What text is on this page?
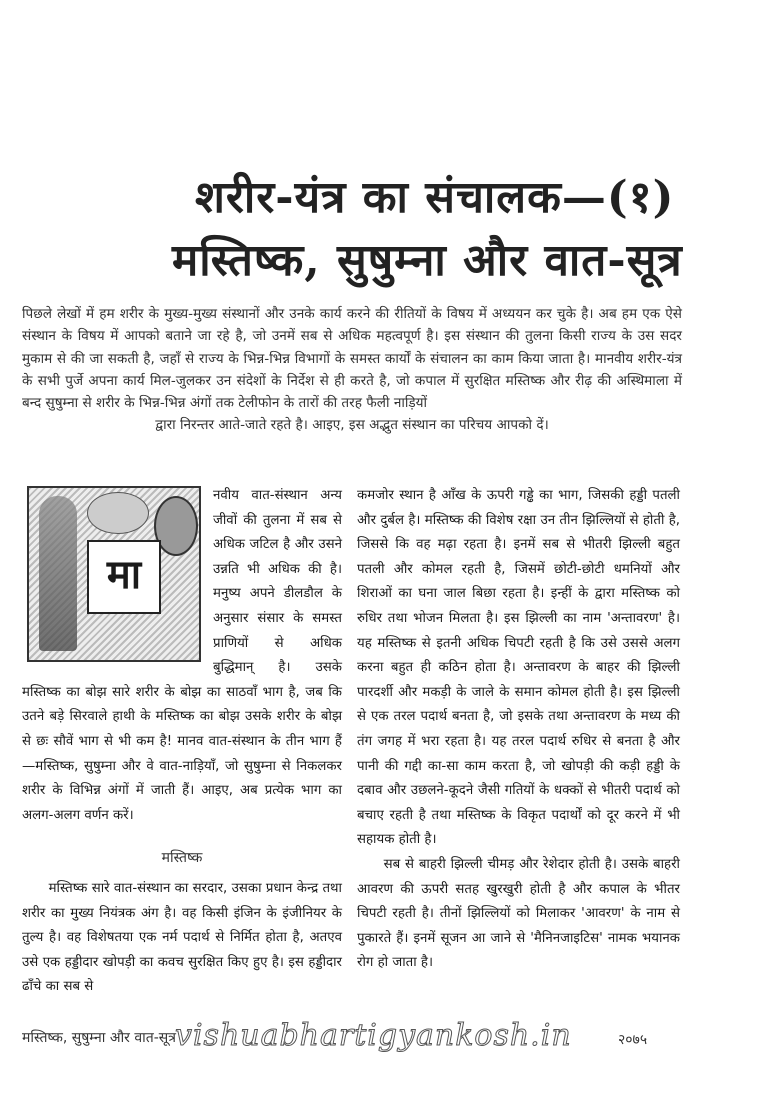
शरीर-यंत्र का संचालक—(१)
मस्तिष्क, सुषुम्ना और वात-सूत्र
पिछले लेखों में हम शरीर के मुख्य-मुख्य संस्थानों और उनके कार्य करने की रीतियों के विषय में अध्ययन कर चुके है। अब हम एक ऐसे संस्थान के विषय में आपको बताने जा रहे है, जो उनमें सब से अधिक महत्वपूर्ण है। इस संस्थान की तुलना किसी राज्य के उस सदर मुकाम से की जा सकती है, जहाँ से राज्य के भिन्न-भिन्न विभागों के समस्त कार्यों के संचालन का काम किया जाता है। मानवीय शरीर-यंत्र के सभी पुर्जे अपना कार्य मिल-जुलकर उन संदेशों के निर्देश से ही करते है, जो कपाल में सुरक्षित मस्तिष्क और रीढ़ की अस्थिमाला में बन्द सुषुम्ना से शरीर के भिन्न-भिन्न अंगों तक टेलीफोन के तारों की तरह फैली नाड़ियों
द्वारा निरन्तर आते-जाते रहते है। आइए, इस अद्भुत संस्थान का परिचय आपको दें।
मा

नवीय वात-संस्थान अन्य जीवों की तुलना में सब से अधिक जटिल है और उसने उन्नति भी अधिक की है। मनुष्य अपने डीलडौल के अनुसार संसार के समस्त प्राणियों से अधिक बुद्धिमान् है। उसके मस्तिष्क का बोझ सारे शरीर के बोझ का साठवाँ भाग है, जब कि उतने बड़े सिरवाले हाथी के मस्तिष्क का बोझ उसके शरीर के बोझ से छः सौवें भाग से भी कम है! मानव वात-संस्थान के तीन भाग हैं—मस्तिष्क, सुषुम्ना और वे वात-नाड़ियाँ, जो सुषुम्ना से निकलकर शरीर के विभिन्न अंगों में जाती हैं। आइए, अब प्रत्येक भाग का अलग-अलग वर्णन करें।

मस्तिष्क

मस्तिष्क सारे वात-संस्थान का सरदार, उसका प्रधान केन्द्र तथा शरीर का मुख्य नियंत्रक अंग है। वह किसी इंजिन के इंजीनियर के तुल्य है। वह विशेषतया एक नर्म पदार्थ से निर्मित होता है, अतएव उसे एक हड्डीदार खोपड़ी का कवच सुरक्षित किए हुए है। इस हड्डीदार ढाँचे का सब से

कमजोर स्थान है आँख के ऊपरी गड्ढे का भाग, जिसकी हड्डी पतली और दुर्बल है। मस्तिष्क की विशेष रक्षा उन तीन झिल्लियों से होती है, जिससे कि वह मढ़ा रहता है। इनमें सब से भीतरी झिल्ली बहुत पतली और कोमल रहती है, जिसमें छोटी-छोटी धमनियों और शिराओं का घना जाल बिछा रहता है। इन्हीं के द्वारा मस्तिष्क को रुधिर तथा भोजन मिलता है। इस झिल्ली का नाम 'अन्तावरण' है। यह मस्तिष्क से इतनी अधिक चिपटी रहती है कि उसे उससे अलग करना बहुत ही कठिन होता है। अन्तावरण के बाहर की झिल्ली पारदर्शी और मकड़ी के जाले के समान कोमल होती है। इस झिल्ली से एक तरल पदार्थ बनता है, जो इसके तथा अन्तावरण के मध्य की तंग जगह में भरा रहता है। यह तरल पदार्थ रुधिर से बनता है और पानी की गद्दी का-सा काम करता है, जो खोपड़ी की कड़ी हड्डी के दबाव और उछलने-कूदने जैसी गतियों के धक्कों से भीतरी पदार्थ को बचाए रहती है तथा मस्तिष्क के विकृत पदार्थों को दूर करने में भी सहायक होती है।

सब से बाहरी झिल्ली चीमड़ और रेशेदार होती है। उसके बाहरी आवरण की ऊपरी सतह खुरखुरी होती है और कपाल के भीतर चिपटी रहती है। तीनों झिल्लियों को मिलाकर 'आवरण' के नाम से पुकारते हैं। इनमें सूजन आ जाने से 'मैनिनजाइटिस' नामक भयानक रोग हो जाता है।

मस्तिष्क, सुषुम्ना और वात-सूत्र vishuabhartigyankosh.in	२०७५
